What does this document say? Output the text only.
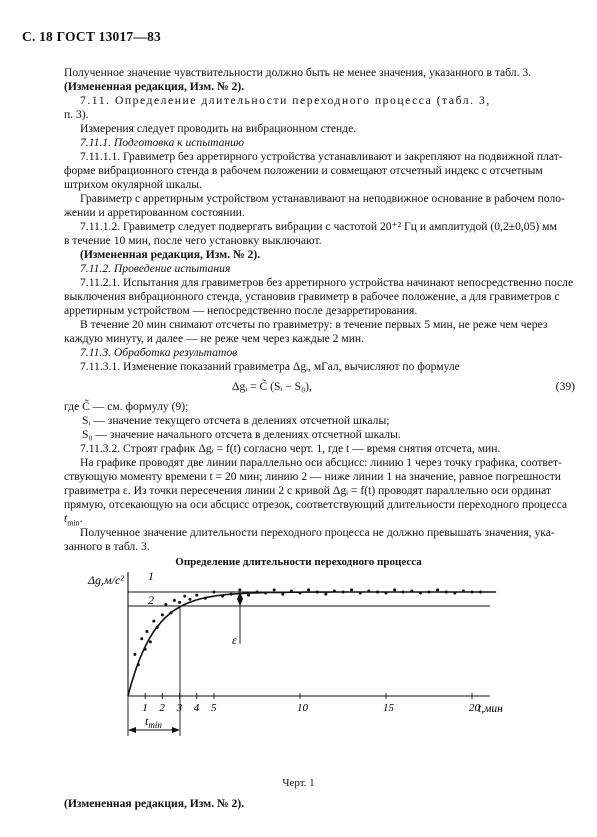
С. 18 ГОСТ 13017—83
Полученное значение чувствительности должно быть не менее значения, указанного в табл. 3.
(Измененная редакция, Изм. № 2).
7.11. Определение длительности переходного процесса (табл. 3,
п. 3).
Измерения следует проводить на вибрационном стенде.
7.11.1. Подготовка к испытанию
7.11.1.1. Гравиметр без арретирного устройства устанавливают и закрепляют на подвижной плат-
форме вибрационного стенда в рабочем положении и совмещают отсчетный индекс с отсчетным
штрихом окулярной шкалы.
Гравиметр с арретирным устройством устанавливают на неподвижное основание в рабочем поло-
жении и арретированном состоянии.
7.11.1.2. Гравиметр следует подвергать вибрации с частотой 20⁺² Гц и амплитудой (0,2±0,05) мм
в течение 10 мин, после чего установку выключают.
(Измененная редакция, Изм. № 2).
7.11.2. Проведение испытания
7.11.2.1. Испытания для гравиметров без арретирного устройства начинают непосредственно после
выключения вибрационного стенда, установив гравиметр в рабочее положение, а для гравиметров с
арретирным устройством — непосредственно после дезарретирования.
В течение 20 мин снимают отсчеты по гравиметру: в течение первых 5 мин, не реже чем через
каждую минуту, и далее — не реже чем через каждые 2 мин.
7.11.3. Обработка результатов
7.11.3.1. Изменение показаний гравиметра Δgᵢ, мГал, вычисляют по формуле
Δgᵢ = C̃ (Sᵢ − S₀),	(39)
где C̃ — см. формулу (9);
Sᵢ — значение текущего отсчета в делениях отсчетной шкалы;
S₀ — значение начального отсчета в делениях отсчетной шкалы.
7.11.3.2. Строят график Δgᵢ = f(t) согласно черт. 1, где t — время снятия отсчета, мин.
На графике проводят две линии параллельно оси абсцисс: линию 1 через точку графика, соответ-
ствующую моменту времени t = 20 мин; линию 2 — ниже линии 1 на значение, равное погрешности
гравиметра ε. Из точки пересечения линии 2 с кривой Δgᵢ = f(t) проводят параллельно оси ординат
прямую, отсекающую на оси абсцисс отрезок, соответствующий длительности переходного процесса
$t_{min}$.
Полученное значение длительности переходного процесса не должно превышать значения, ука-
занного в табл. 3.
Определение длительности переходного процесса
1 2 3 4 5	10	15	20
Δg,м/с² 1
2
ε
t,мин
$t_{min}$
Черт. 1
(Измененная редакция, Изм. № 2).
